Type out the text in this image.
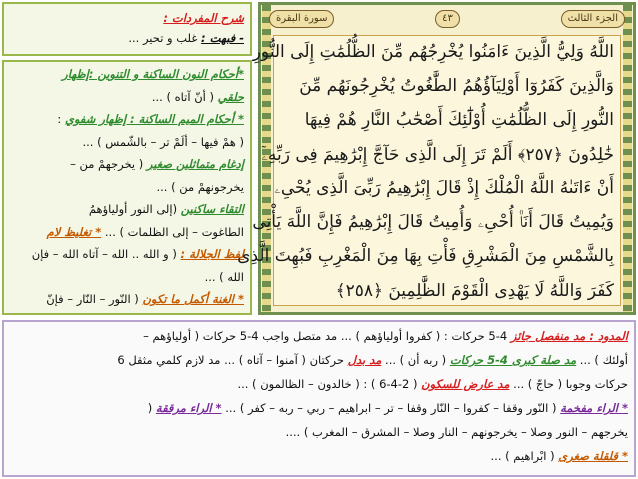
شرح المفردات :
- فبهت : غلب و تحير ...
*أحكام النون الساكنة و التنوين :إظهار
حلقي ( أنّ آتاه ) ...
* أحكام الميم الساكنة : إظهار شفوي :
( همْ فيها – ألَمْ تر – بالشّمس ) ...
إدغام متماثلين صغير ( يخرجهمْ من –
يخرجونهمْ من ) ...
التقاء ساكنين (إلى النور أولياؤهمُ
الطاغوت – إلى الظلمات ) ... * تغليظ لام
لفظ الجلالة : ( و الله .. الله – آتاه الله – فإن
الله ) ...
* الغنة أكمل ما تكون ( النّور – النّار – فإنّ
الجزء الثالث
٤٣
سورة البقرة
اللَّهُ وَلِيُّ الَّذِينَ ءَامَنُوا يُخْرِجُهُم مِّنَ الظُّلُمَٰتِ إِلَى النُّورِ
وَالَّذِينَ كَفَرُوٓا أَوْلِيَآؤُهُمُ الطَّٰغُوتُ يُخْرِجُونَهُم مِّنَ
النُّورِ إِلَى الظُّلُمَٰتِ أُوْلَٰٓئِكَ أَصْحَٰبُ النَّارِ هُمْ فِيهَا
خَٰلِدُونَ ﴿٢٥٧﴾ أَلَمْ تَرَ إِلَى الَّذِى حَآجَّ إِبْرَٰهِيمَ فِى رَبِّهِۦٓ
أَنْ ءَاتَىٰهُ اللَّهُ الْمُلْكَ إِذْ قَالَ إِبْرَٰهِيمُ رَبِّىَ الَّذِى يُحْىِۦ
وَيُمِيتُ قَالَ أَنَا۠ أُحْىِۦ وَأُمِيتُ قَالَ إِبْرَٰهِيمُ فَإِنَّ اللَّهَ يَأْتِى
بِالشَّمْسِ مِنَ الْمَشْرِقِ فَأْتِ بِهَا مِنَ الْمَغْرِبِ فَبُهِتَ الَّذِى
كَفَرَ وَاللَّهُ لَا يَهْدِى الْقَوْمَ الظَّٰلِمِينَ ﴿٢٥٨﴾
المدود : مد منفصل جائز 4-5 حركات : ( كفروا أولياؤهم ) ... مد متصل واجب 4-5 حركات ( أولياؤهم –
أولئك ) ... مد صلة كبرى 4-5 حركات ( ربه أن ) ... مد بدل حركتان ( آمنوا – آتاه ) ... مد لازم كلمي مثقل 6
حركات وجوبا ( حاجّ ) ... مد عارض للسكون ( 2-4-6 ) : ( خالدون – الظالمون ) ...
* الراء مفخمة ( النّور وقفا – كفروا – النّار وقفا – تر – ابراهيم – ربي – ربه – كفر ) ... * الراء مرققة (
يخرجهم – النور وصلا – يخرجونهم – النار وصلا – المشرق – المغرب ) ....
* قلقلة صغرى ( ابْراهيم ) ...
